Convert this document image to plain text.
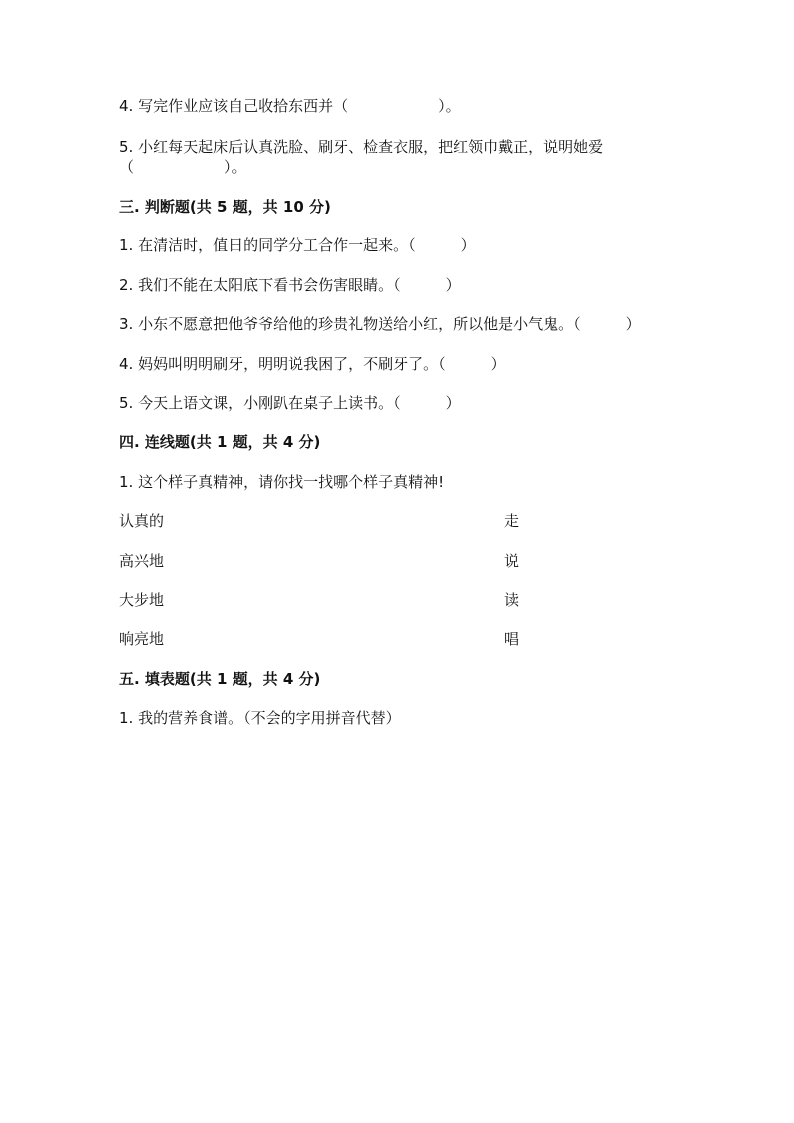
4. 写完作业应该自己收拾东西并（　　　　　　）。
5. 小红每天起床后认真洗脸、刷牙、检查衣服，把红领巾戴正，说明她爱
（　　　　　　）。
三. 判断题(共 5 题，共 10 分)
1. 在清洁时，值日的同学分工合作一起来。（　　　）
2. 我们不能在太阳底下看书会伤害眼睛。（　　　）
3. 小东不愿意把他爷爷给他的珍贵礼物送给小红，所以他是小气鬼。（　　　）
4. 妈妈叫明明刷牙，明明说我困了，不刷牙了。（　　　）
5. 今天上语文课，小刚趴在桌子上读书。（　　　）
四. 连线题(共 1 题，共 4 分)
1. 这个样子真精神，请你找一找哪个样子真精神!
认真的	走
高兴地	说
大步地	读
响亮地	唱
五. 填表题(共 1 题，共 4 分)
1. 我的营养食谱。（不会的字用拼音代替）
